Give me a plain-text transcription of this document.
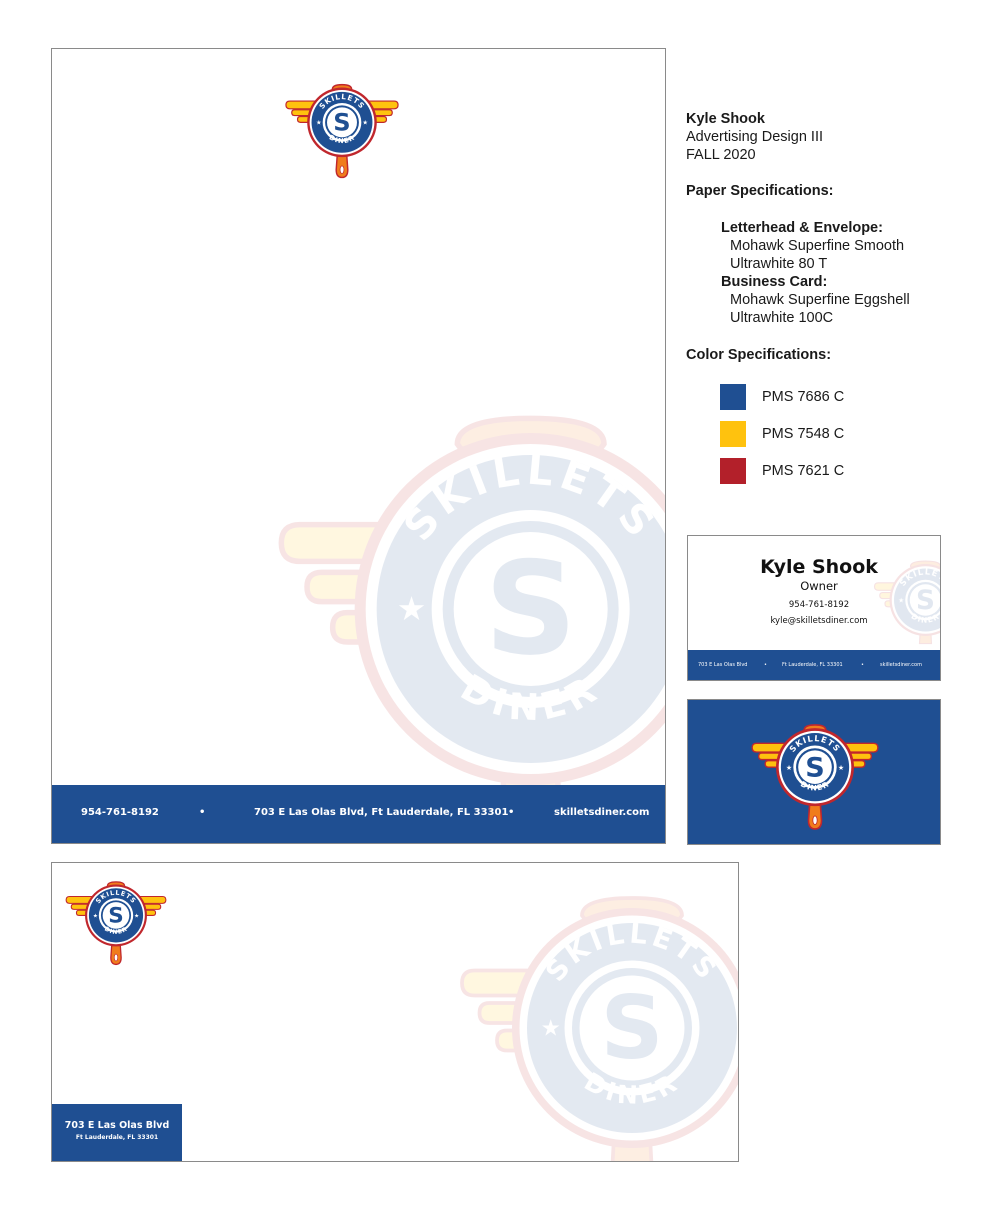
954-761-8192	•	703 E Las Olas Blvd, Ft Lauderdale, FL 33301 •	skilletsdiner.com
Kyle Shook
Advertising Design III
FALL 2020
Paper Specifications:
Letterhead & Envelope:
Mohawk Superfine Smooth
Ultrawhite 80 T
Business Card:
Mohawk Superfine Eggshell
Ultrawhite 100C
Color Specifications:
PMS 7686 C
PMS 7548 C
PMS 7621 C
Kyle Shook
Owner
954-761-8192
kyle@skilletsdiner.com
703 E Las Olas Blvd	•	Ft Lauderdale, FL 33301	•	skilletsdiner.com
703 E Las Olas Blvd
Ft Lauderdale, FL 33301
